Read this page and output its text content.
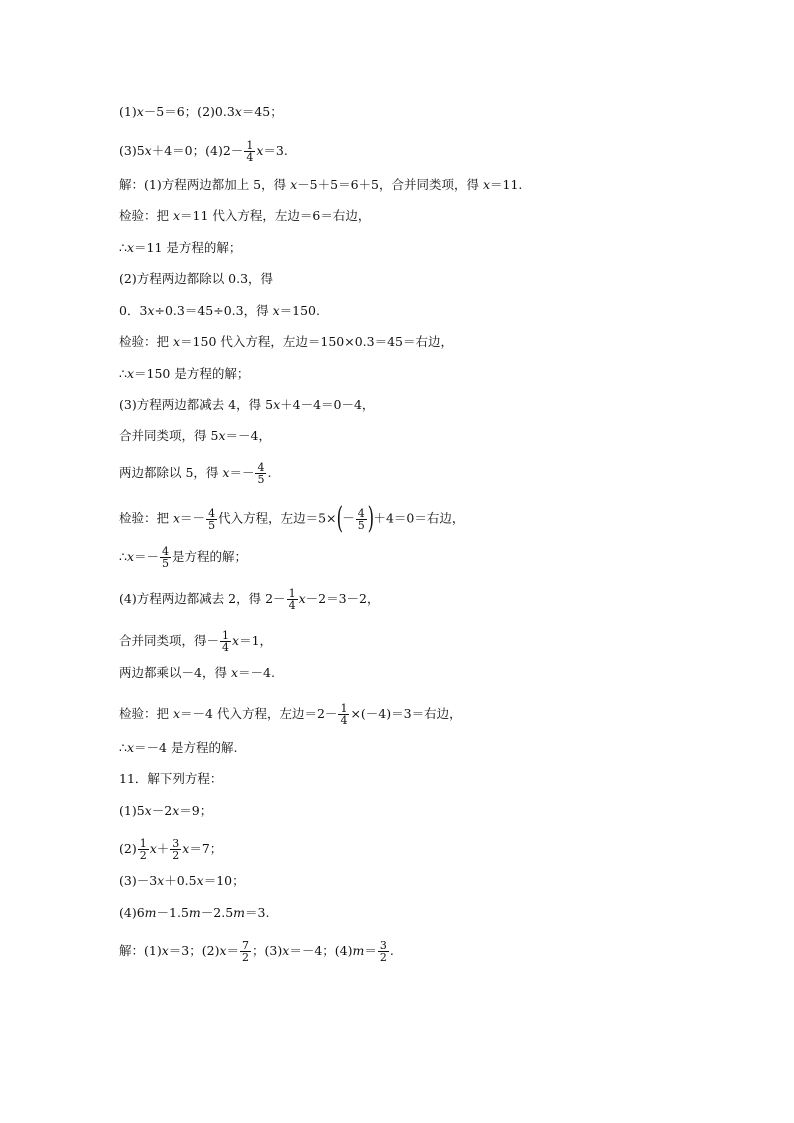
(1)x－5＝6；(2)0.3x＝45；
(3)5x＋4＝0；$(4)2- \frac{1}{4} x=3$.
解：(1)方程两边都加上 5，得 x－5＋5＝6＋5，合并同类项，得 x＝11.
检验：把 x＝11 代入方程，左边＝6＝右边，
∴x＝11 是方程的解；
(2)方程两边都除以 0.3，得
0．3x÷0.3＝45÷0.3，得 x＝150.
检验：把 x＝150 代入方程，左边＝150×0.3＝45＝右边，
∴x＝150 是方程的解；
(3)方程两边都减去 4，得 5x＋4－4＝0－4，
合并同类项，得 5x＝－4，
两边都除以 5，得 $x=- \frac{4}{5}$ .
检验：把 $x=- \frac{4}{5}$ 代入方程，左边$=5\times(- \frac{4}{5} )+4=0=$右边，
∴x＝－ $\frac{4}{5}$ 是方程的解；
(4)方程两边都减去 2，得 $2- \frac{1}{4} x-2=3-2$，
合并同类项，得－ $\frac{1}{4} x=1$，
两边都乘以－4，得 x＝－4.
检验：把 x＝－4 代入方程，左边$=2- \frac{1}{4} \times(-4)=3=$右边，
∴x＝－4 是方程的解.
11．解下列方程：
(1)5x－2x＝9；
$(2) \frac{1}{2} x+ \frac{3}{2} x=7$；
(3)－3x＋0.5x＝10；
(4)6m－1.5m－2.5m＝3.
解：(1)x＝3；$(2)x= \frac{7}{2}$ ；(3)x＝－4；$(4)m= \frac{3}{2}$ .
